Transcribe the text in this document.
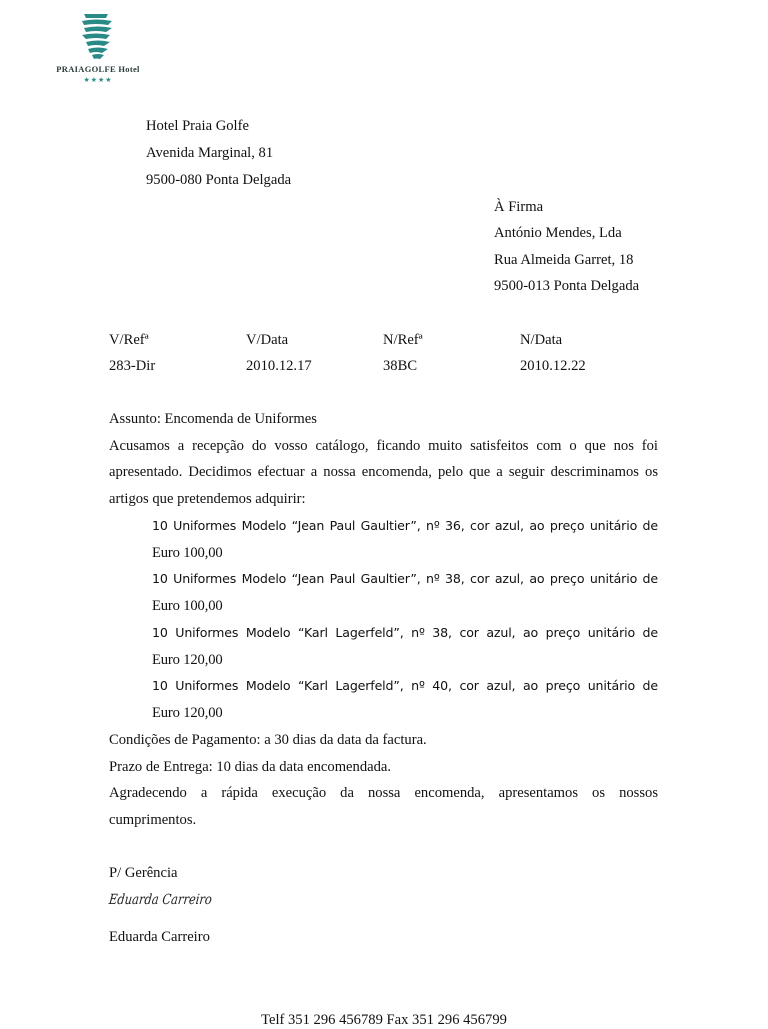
PRAIAGOLFE Hotel
★★★★
Hotel Praia Golfe
Avenida Marginal, 81
9500-080 Ponta Delgada
À Firma
António Mendes, Lda
Rua Almeida Garret, 18
9500-013 Ponta Delgada
V/Refª	V/Data	N/Refª	N/Data
283-Dir	2010.12.17	38BC	2010.12.22

Assunto: Encomenda de Uniformes

Acusamos a recepção do vosso catálogo, ficando muito satisfeitos com o que nos foi apresentado. Decidimos efectuar a nossa encomenda, pelo que a seguir descriminamos os artigos que pretendemos adquirir:

10 Uniformes Modelo “Jean Paul Gaultier”, nº 36, cor azul, ao preço unitário de
Euro 100,00
10 Uniformes Modelo “Jean Paul Gaultier”, nº 38, cor azul, ao preço unitário de
Euro 100,00
10 Uniformes Modelo “Karl Lagerfeld”, nº 38, cor azul, ao preço unitário de
Euro 120,00
10 Uniformes Modelo “Karl Lagerfeld”, nº 40, cor azul, ao preço unitário de
Euro 120,00

Condições de Pagamento: a 30 dias da data da factura.

Prazo de Entrega: 10 dias da data encomendada.

Agradecendo a rápida execução da nossa encomenda, apresentamos os nossos

cumprimentos.

P/ Gerência
Eduarda Carreiro
Eduarda Carreiro
Telf 351 296 456789 Fax 351 296 456799
